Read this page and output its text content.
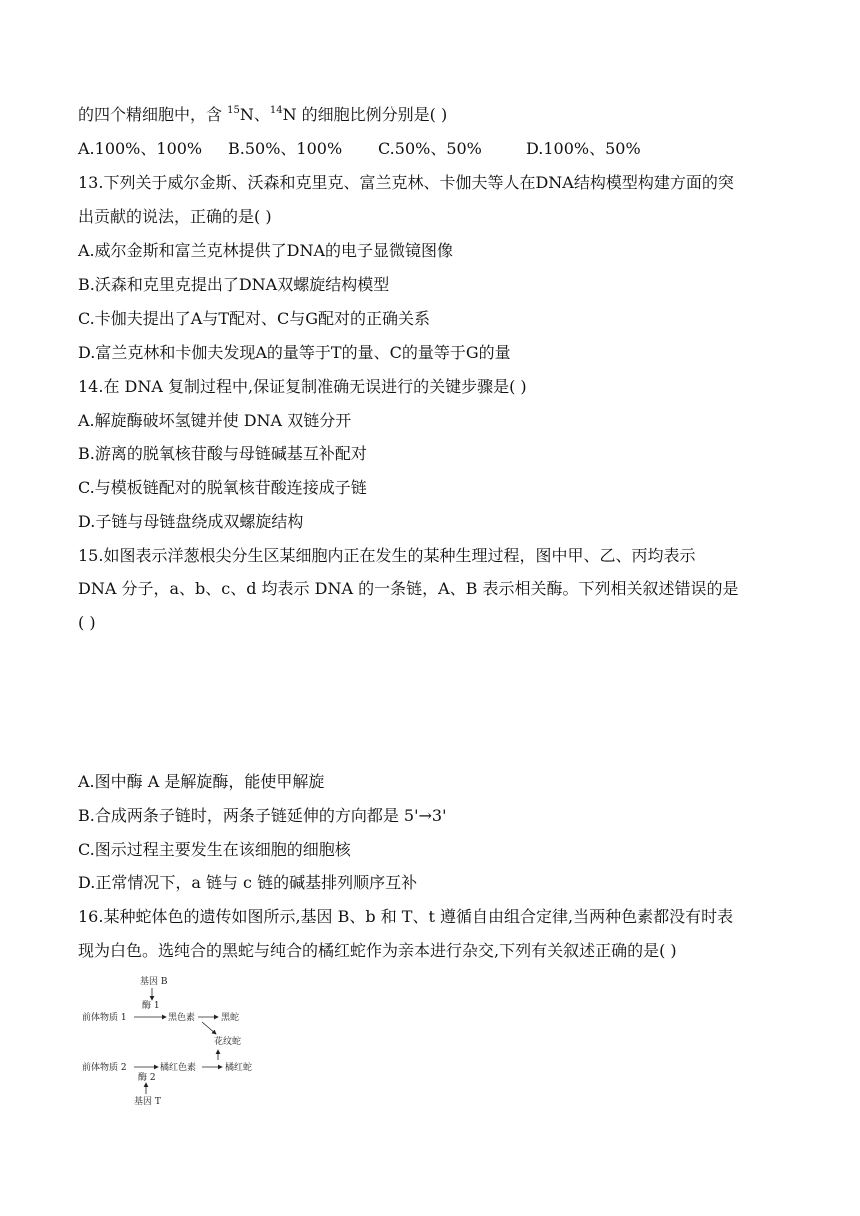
的四个精细胞中，含 $^{15}$N、$^{14}$N 的细胞比例分别是( )
A.100%、100% B.50%、100% C.50%、50%	D.100%、50%
13.下列关于威尔金斯、沃森和克里克、富兰克林、卡伽夫等人在DNA结构模型构建方面的突
出贡献的说法，正确的是( )
A.威尔金斯和富兰克林提供了DNA的电子显微镜图像
B.沃森和克里克提出了DNA双螺旋结构模型
C.卡伽夫提出了A与T配对、C与G配对的正确关系
D.富兰克林和卡伽夫发现A的量等于T的量、C的量等于G的量
14.在 DNA 复制过程中,保证复制准确无误进行的关键步骤是( )
A.解旋酶破坏氢键并使 DNA 双链分开
B.游离的脱氧核苷酸与母链碱基互补配对
C.与模板链配对的脱氧核苷酸连接成子链
D.子链与母链盘绕成双螺旋结构
15.如图表示洋葱根尖分生区某细胞内正在发生的某种生理过程，图中甲、乙、丙均表示
DNA 分子，a、b、c、d 均表示 DNA 的一条链，A、B 表示相关酶。下列相关叙述错误的是
( )
A.图中酶 A 是解旋酶，能使甲解旋
B.合成两条子链时，两条子链延伸的方向都是 5'→3'
C.图示过程主要发生在该细胞的细胞核
D.正常情况下，a 链与 c 链的碱基排列顺序互补
16.某种蛇体色的遗传如图所示,基因 B、b 和 T、t 遵循自由组合定律,当两种色素都没有时表
现为白色。选纯合的黑蛇与纯合的橘红蛇作为亲本进行杂交,下列有关叙述正确的是( )
基因 B
酶 1
前体物质 1	黑色素	黑蛇
花纹蛇
前体物质 2	橘红色素	橘红蛇
酶 2
基因 T
